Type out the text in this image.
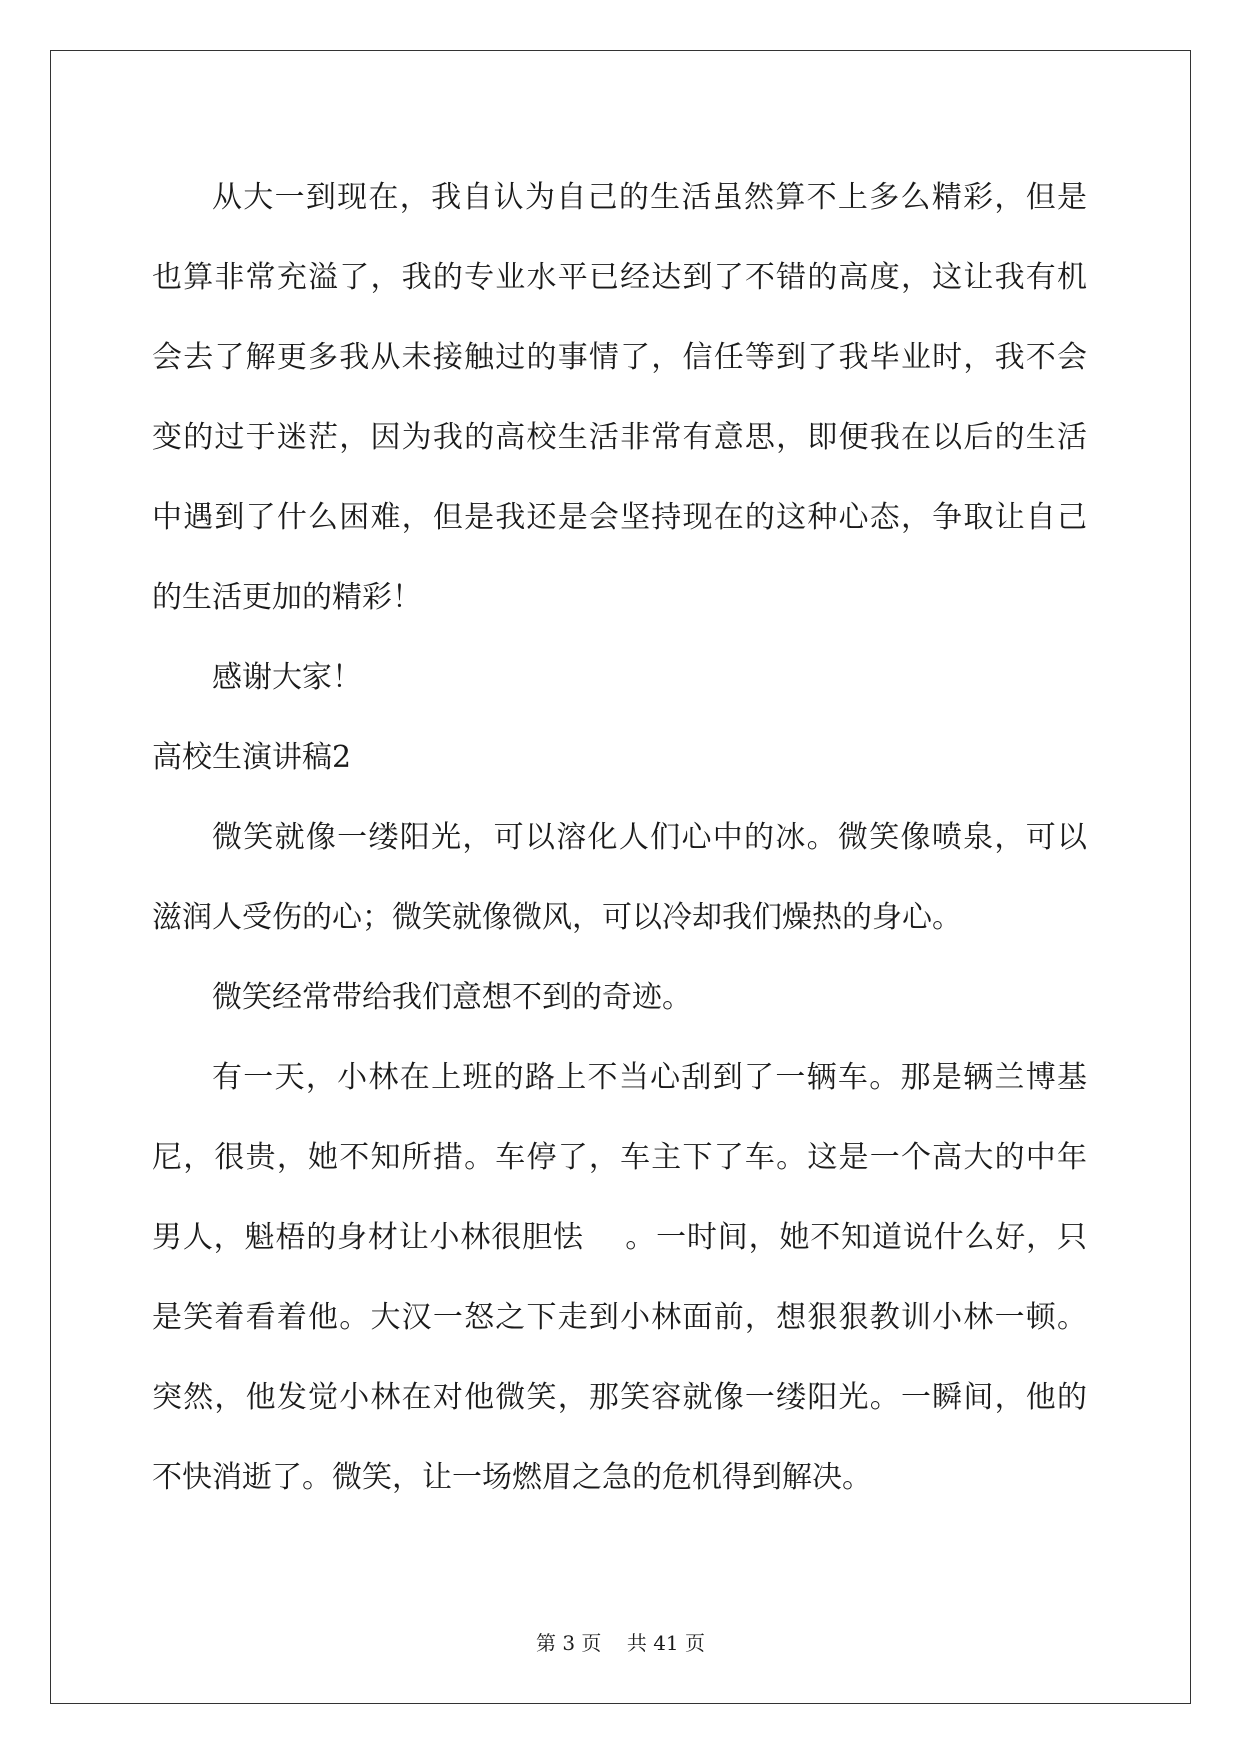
从大一到现在，我自认为自己的生活虽然算不上多么精彩，但是
也算非常充溢了，我的专业水平已经达到了不错的高度，这让我有机
会去了解更多我从未接触过的事情了，信任等到了我毕业时，我不会
变的过于迷茫，因为我的高校生活非常有意思，即便我在以后的生活
中遇到了什么困难，但是我还是会坚持现在的这种心态，争取让自己
的生活更加的精彩！
感谢大家！
高校生演讲稿2
微笑就像一缕阳光，可以溶化人们心中的冰。微笑像喷泉，可以
滋润人受伤的心；微笑就像微风，可以冷却我们燥热的身心。
微笑经常带给我们意想不到的奇迹。
有一天，小林在上班的路上不当心刮到了一辆车。那是辆兰博基
尼，很贵，她不知所措。车停了，车主下了车。这是一个高大的中年
男人，魁梧的身材让小林很胆怯    。一时间，她不知道说什么好，只
是笑着看着他。大汉一怒之下走到小林面前，想狠狠教训小林一顿。
突然，他发觉小林在对他微笑，那笑容就像一缕阳光。一瞬间，他的
不快消逝了。微笑，让一场燃眉之急的危机得到解决。
第 3 页    共 41 页
